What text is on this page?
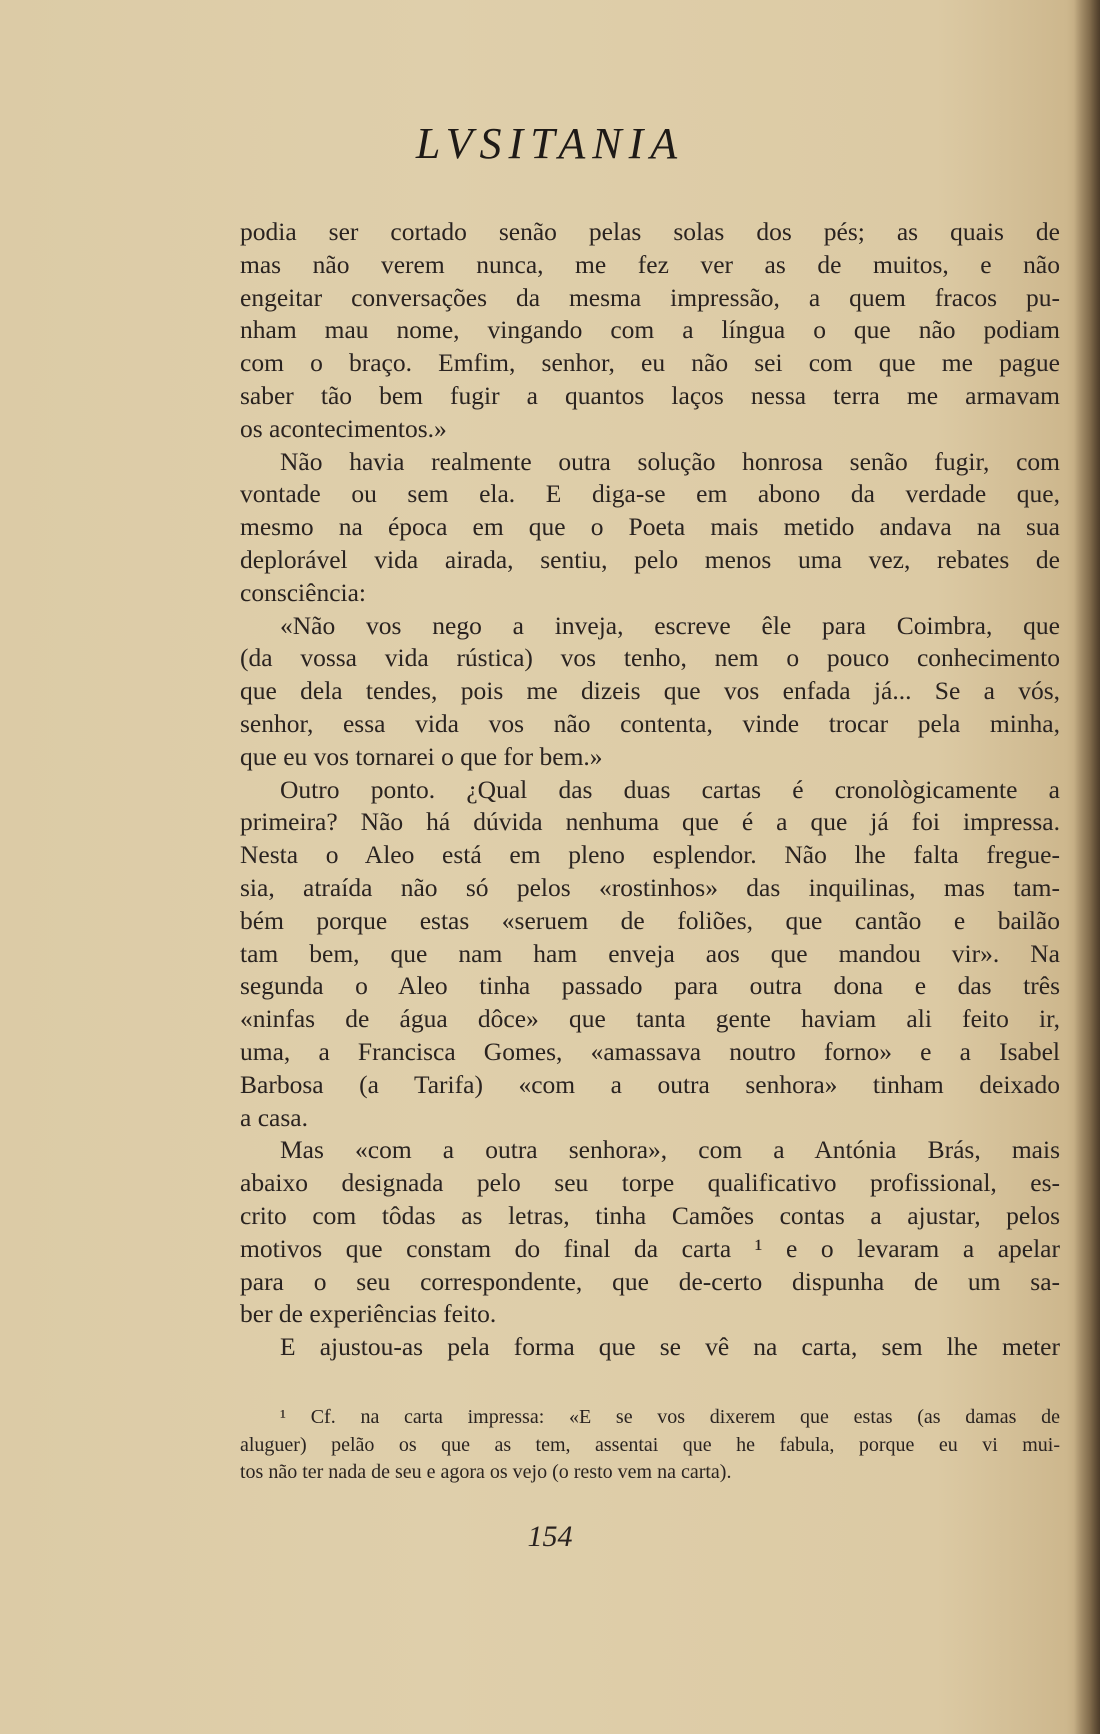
LVSITANIA
podia ser cortado senão pelas solas dos pés; as quais de
mas não verem nunca, me fez ver as de muitos, e não
engeitar conversações da mesma impressão, a quem fracos pu-
nham mau nome, vingando com a língua o que não podiam
com o braço. Emfim, senhor, eu não sei com que me pague
saber tão bem fugir a quantos laços nessa terra me armavam
os acontecimentos.»
Não havia realmente outra solução honrosa senão fugir, com
vontade ou sem ela. E diga-se em abono da verdade que,
mesmo na época em que o Poeta mais metido andava na sua
deplorável vida airada, sentiu, pelo menos uma vez, rebates de
consciência:
«Não vos nego a inveja, escreve êle para Coimbra, que
(da vossa vida rústica) vos tenho, nem o pouco conhecimento
que dela tendes, pois me dizeis que vos enfada já... Se a vós,
senhor, essa vida vos não contenta, vinde trocar pela minha,
que eu vos tornarei o que for bem.»
Outro ponto. ¿Qual das duas cartas é cronològicamente a
primeira? Não há dúvida nenhuma que é a que já foi impressa.
Nesta o Aleo está em pleno esplendor. Não lhe falta fregue-
sia, atraída não só pelos «rostinhos» das inquilinas, mas tam-
bém porque estas «seruem de foliões, que cantão e bailão
tam bem, que nam ham enveja aos que mandou vir». Na
segunda o Aleo tinha passado para outra dona e das três
«ninfas de água dôce» que tanta gente haviam ali feito ir,
uma, a Francisca Gomes, «amassava noutro forno» e a Isabel
Barbosa (a Tarifa) «com a outra senhora» tinham deixado
a casa.
Mas «com a outra senhora», com a Antónia Brás, mais
abaixo designada pelo seu torpe qualificativo profissional, es-
crito com tôdas as letras, tinha Camões contas a ajustar, pelos
motivos que constam do final da carta ¹ e o levaram a apelar
para o seu correspondente, que de-certo dispunha de um sa-
ber de experiências feito.
E ajustou-as pela forma que se vê na carta, sem lhe meter
¹ Cf. na carta impressa: «E se vos dixerem que estas (as damas de
aluguer) pelão os que as tem, assentai que he fabula, porque eu vi mui-
tos não ter nada de seu e agora os vejo (o resto vem na carta).
154
